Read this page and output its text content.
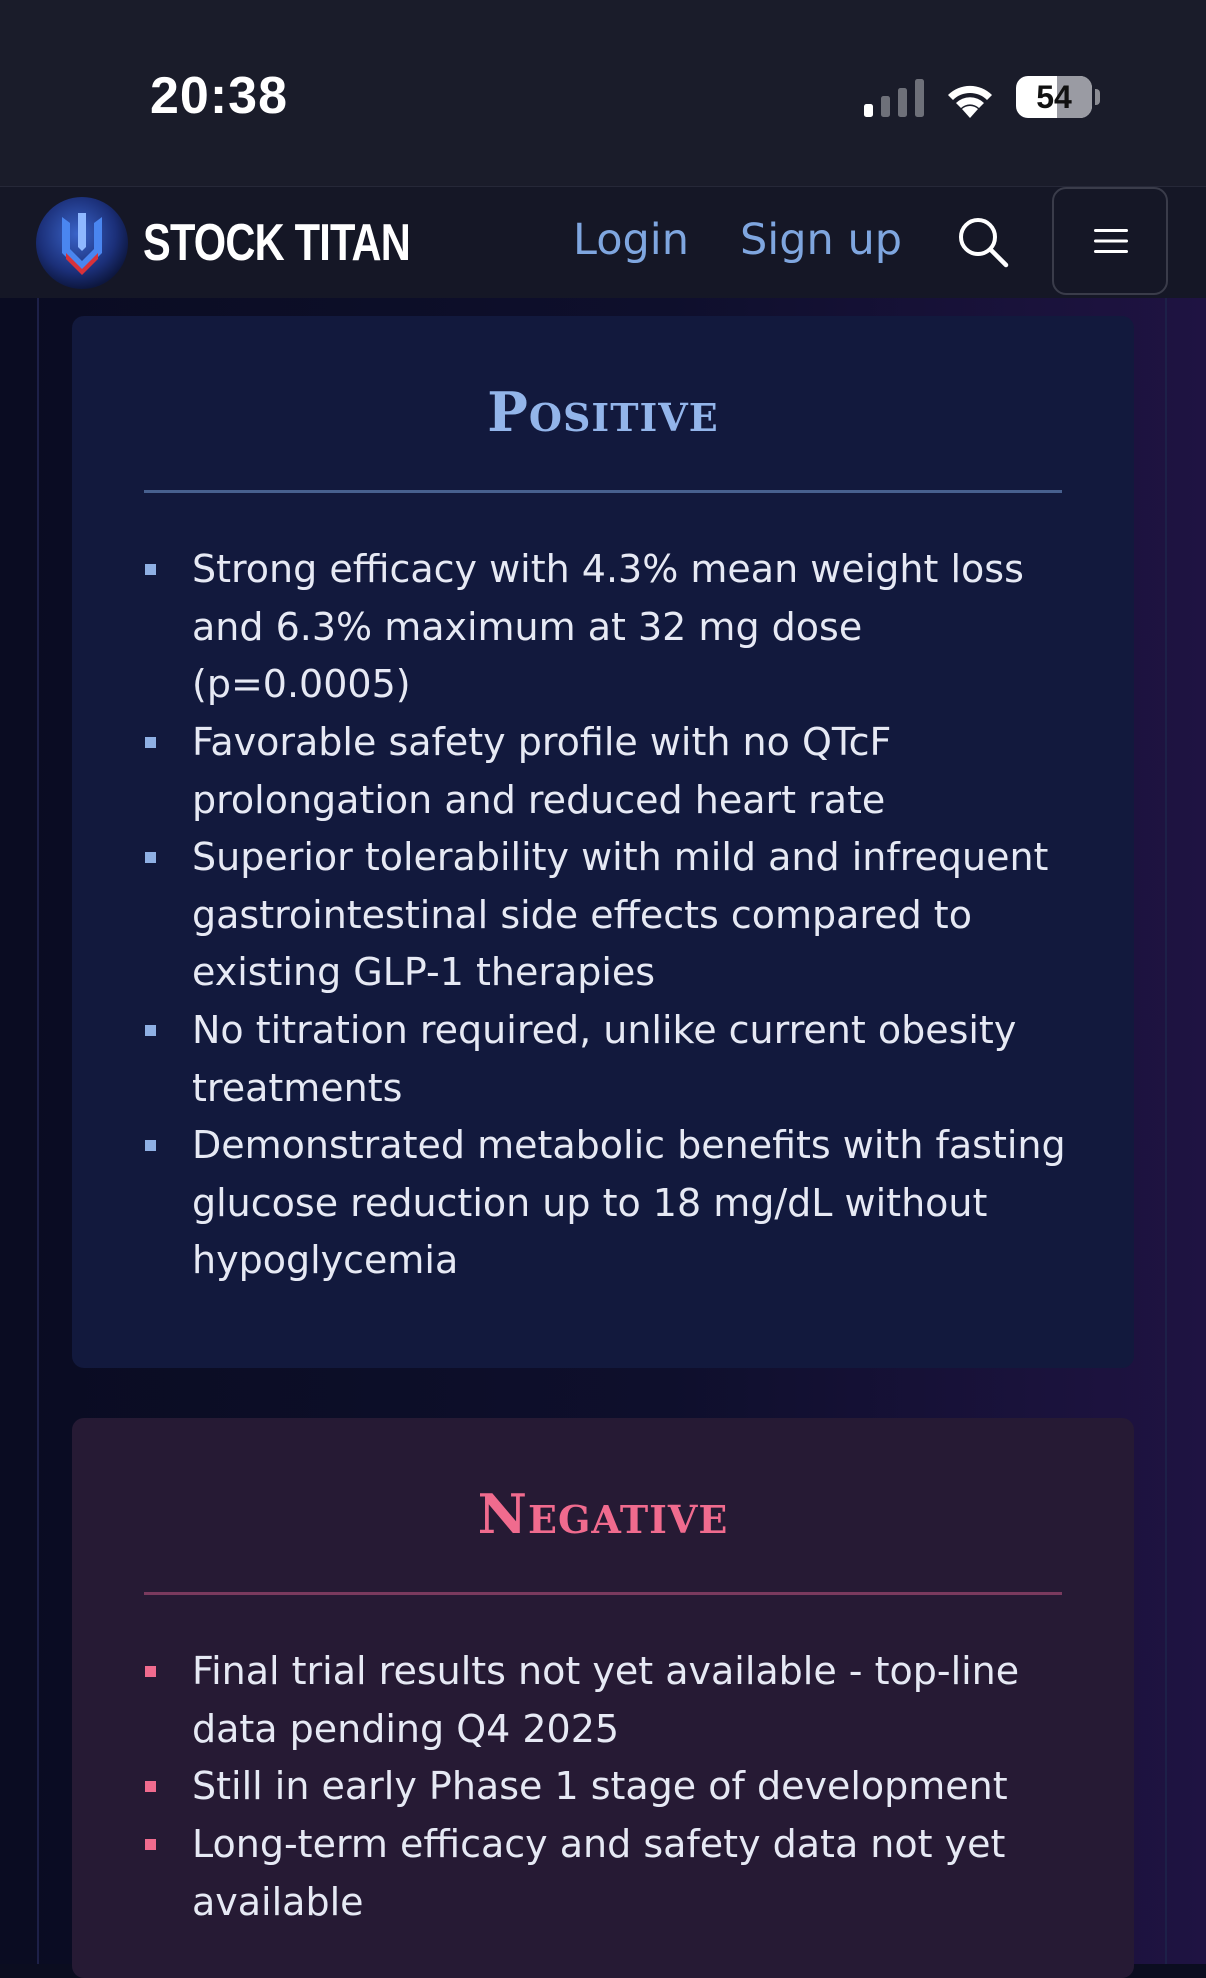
20:38	54
STOCK TITAN	Login Sign up
Positive
Strong efficacy with 4.3% mean weight loss and 6.3% maximum at 32 mg dose (p=0.0005)
Favorable safety profile with no QTcF prolongation and reduced heart rate
Superior tolerability with mild and infrequent gastrointestinal side effects compared to existing GLP-1 therapies
No titration required, unlike current obesity treatments
Demonstrated metabolic benefits with fasting glucose reduction up to 18 mg/dL without hypoglycemia
Negative
Final trial results not yet available - top-line data pending Q4 2025
Still in early Phase 1 stage of development
Long-term efficacy and safety data not yet available
